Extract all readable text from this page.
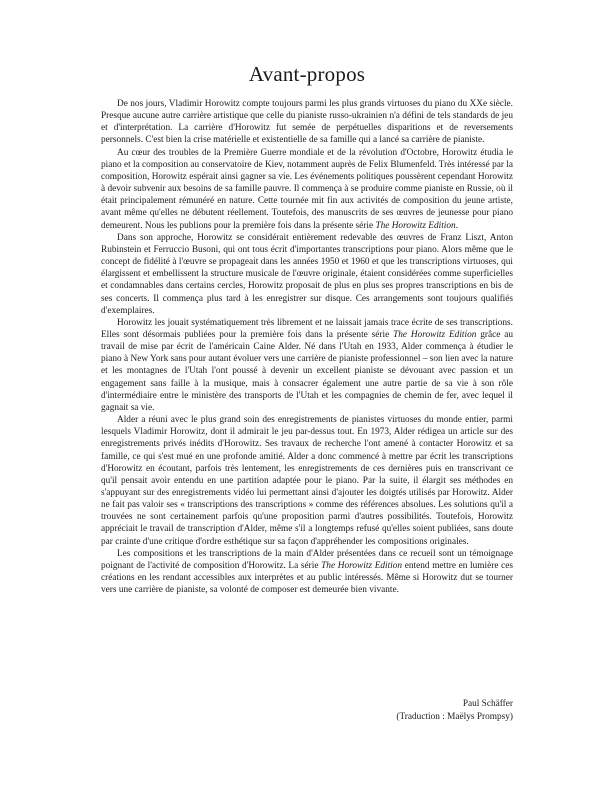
Avant-propos

De nos jours, Vladimir Horowitz compte toujours parmi les plus grands virtuoses du piano du XXe siècle. Presque aucune autre carrière artistique que celle du pianiste russo-ukrainien n'a défini de tels standards de jeu et d'interprétation. La carrière d'Horowitz fut semée de perpétuelles disparitions et de reversements personnels. C'est bien la crise matérielle et existentielle de sa famille qui a lancé sa carrière de pianiste.

Au cœur des troubles de la Première Guerre mondiale et de la révolution d'Octobre, Horowitz étudia le piano et la composition au conservatoire de Kiev, notamment auprès de Felix Blumenfeld. Très intéressé par la composition, Horowitz espérait ainsi gagner sa vie. Les événements politiques poussèrent cependant Horowitz à devoir subvenir aux besoins de sa famille pauvre. Il commença à se produire comme pianiste en Russie, où il était principalement rémunéré en nature. Cette tournée mit fin aux activités de composition du jeune artiste, avant même qu'elles ne débutent réellement. Toutefois, des manuscrits de ses œuvres de jeunesse pour piano demeurent. Nous les publions pour la première fois dans la présente série The Horowitz Edition.

Dans son approche, Horowitz se considérait entièrement redevable des œuvres de Franz Liszt, Anton Rubinstein et Ferruccio Busoni, qui ont tous écrit d'importantes transcriptions pour piano. Alors même que le concept de fidélité à l'œuvre se propageait dans les années 1950 et 1960 et que les transcriptions virtuoses, qui élargissent et embellissent la structure musicale de l'œuvre originale, étaient considérées comme superficielles et condamnables dans certains cercles, Horowitz proposait de plus en plus ses propres transcriptions en bis de ses concerts. Il commença plus tard à les enregistrer sur disque. Ces arrangements sont toujours qualifiés d'exemplaires.

Horowitz les jouait systématiquement très librement et ne laissait jamais trace écrite de ses transcriptions. Elles sont désormais publiées pour la première fois dans la présente série The Horowitz Edition grâce au travail de mise par écrit de l'américain Caine Alder. Né dans l'Utah en 1933, Alder commença à étudier le piano à New York sans pour autant évoluer vers une carrière de pianiste professionnel – son lien avec la nature et les montagnes de l'Utah l'ont poussé à devenir un excellent pianiste se dévouant avec passion et un engagement sans faille à la musique, mais à consacrer également une autre partie de sa vie à son rôle d'intermédiaire entre le ministère des transports de l'Utah et les compagnies de chemin de fer, avec lequel il gagnait sa vie.

Alder a réuni avec le plus grand soin des enregistrements de pianistes virtuoses du monde entier, parmi lesquels Vladimir Horowitz, dont il admirait le jeu par-dessus tout. En 1973, Alder rédigea un article sur des enregistrements privés inédits d'Horowitz. Ses travaux de recherche l'ont amené à contacter Horowitz et sa famille, ce qui s'est mué en une profonde amitié. Alder a donc commencé à mettre par écrit les transcriptions d'Horowitz en écoutant, parfois très lentement, les enregistrements de ces dernières puis en transcrivant ce qu'il pensait avoir entendu en une partition adaptée pour le piano. Par la suite, il élargit ses méthodes en s'appuyant sur des enregistrements vidéo lui permettant ainsi d'ajouter les doigtés utilisés par Horowitz. Alder ne fait pas valoir ses « transcriptions des transcriptions » comme des références absolues. Les solutions qu'il a trouvées ne sont certainement parfois qu'une proposition parmi d'autres possibilités. Toutefois, Horowitz appréciait le travail de transcription d'Alder, même s'il a longtemps refusé qu'elles soient publiées, sans doute par crainte d'une critique d'ordre esthétique sur sa façon d'appréhender les compositions originales.

Les compositions et les transcriptions de la main d'Alder présentées dans ce recueil sont un témoignage poignant de l'activité de composition d'Horowitz. La série The Horowitz Edition entend mettre en lumière ces créations en les rendant accessibles aux interprètes et au public intéressés. Même si Horowitz dut se tourner vers une carrière de pianiste, sa volonté de composer est demeurée bien vivante.

Paul Schäffer
(Traduction : Maëlys Prompsy)
